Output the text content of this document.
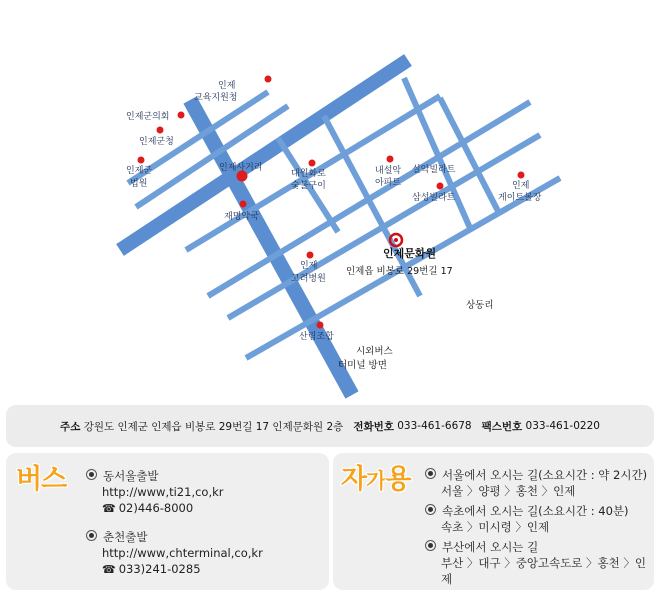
인제
교육지원청
인제군의회
인제군청
인제군
법원
인제사거리
대원화로
숯불구이
내설악
아파트
실악빌라트
삼성빌라트
재명약국
인제
게이트볼장
인제
고려병원
산림조합
인제문화원
인제읍 비봉로 29번길 17
상동리
시외버스
터미널 방면
주소
강원도 인제군 인제읍 비봉로 29번길 17 인제문화원 2층 전화번호
033-461-6678 팩스번호
033-461-0220
버스	동서울출발
http://www,ti21,co,kr
☎ 02)446-8000
춘천출발
http://www,chterminal,co,kr
☎ 033)241-0285
자가용	서울에서 오시는 길(소요시간 : 약 2시간)
서울 〉양평 〉홍천 〉인제
속초에서 오시는 길(소요시간 : 40분)
속초 〉미시령 〉인제
부산에서 오시는 길
부산 〉대구 〉중앙고속도로 〉홍천 〉인제
